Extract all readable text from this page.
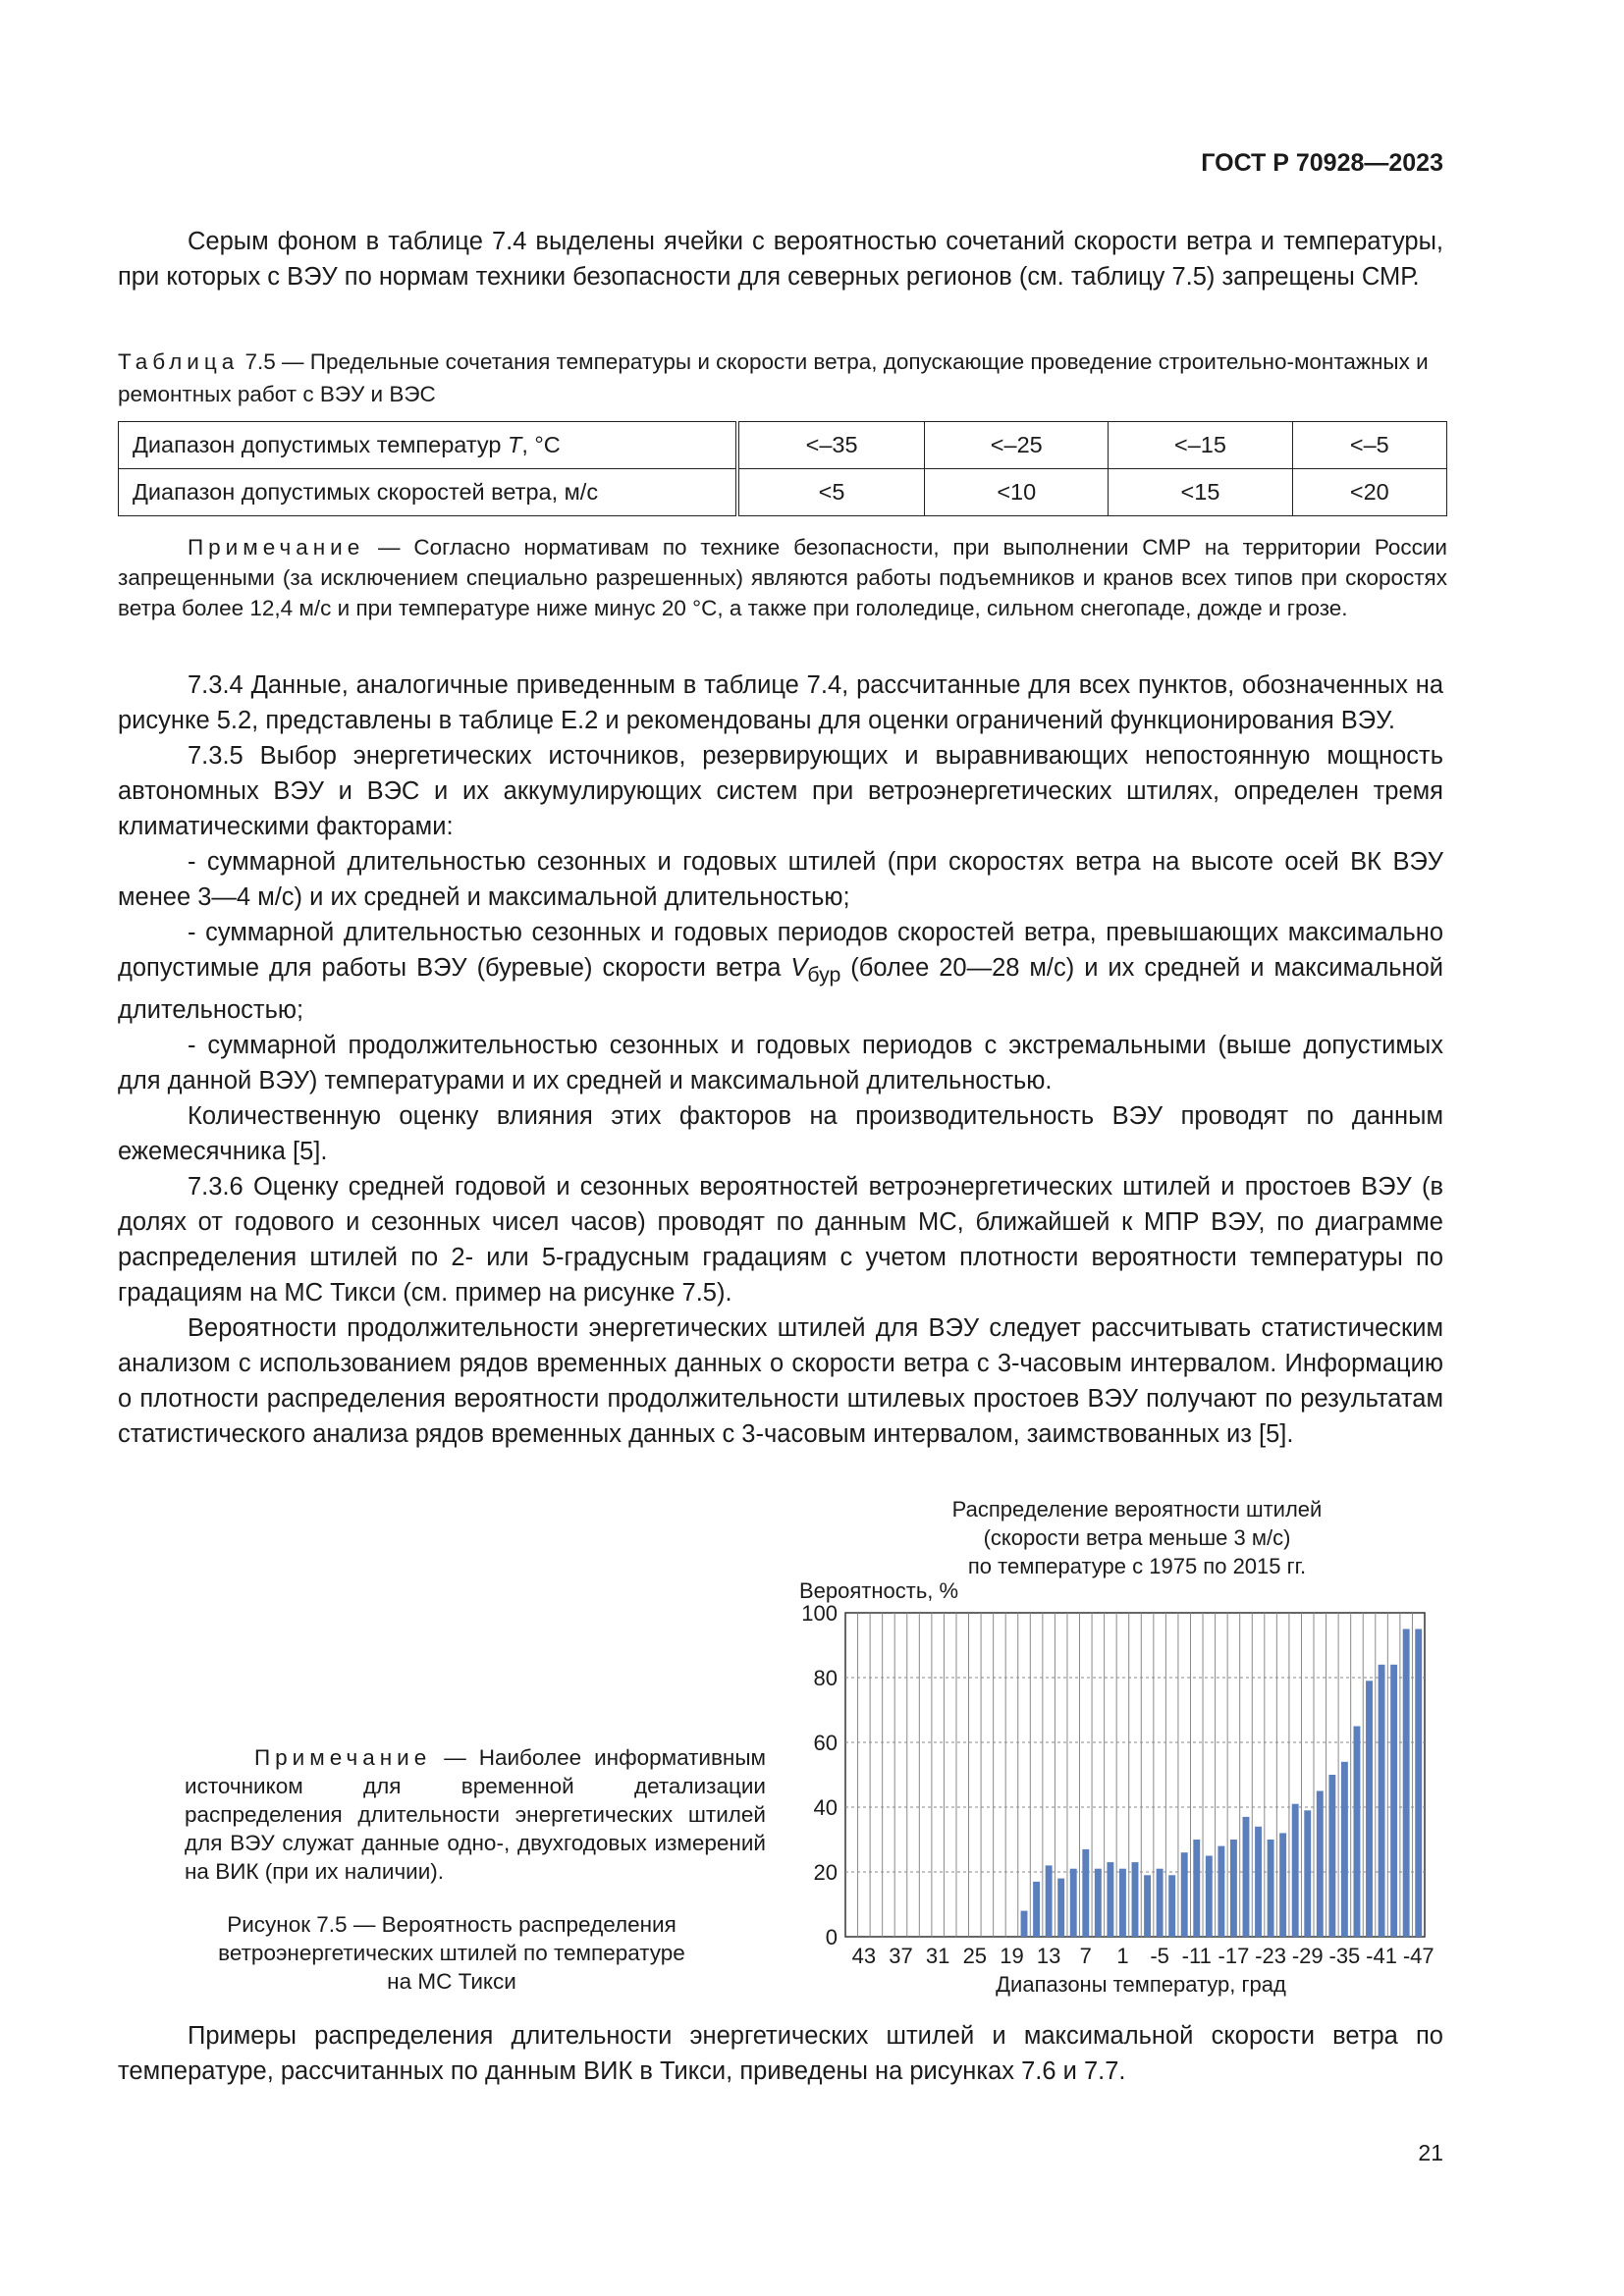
ГОСТ Р 70928—2023

Серым фоном в таблице 7.4 выделены ячейки с вероятностью сочетаний скорости ветра и температуры, при которых с ВЭУ по нормам техники безопасности для северных регионов (см. таблицу 7.5) запрещены СМР.

Таблица 7.5 — Предельные сочетания температуры и скорости ветра, допускающие проведение строительно-монтажных и ремонтных работ с ВЭУ и ВЭС
Диапазон допустимых температур T, °С	<–35	<–25	<–15	<–5
Диапазон допустимых скоростей ветра, м/с	<5	<10	<15	<20

Примечание — Согласно нормативам по технике безопасности, при выполнении СМР на территории России запрещенными (за исключением специально разрешенных) являются работы подъемников и кранов всех типов при скоростях ветра более 12,4 м/с и при температуре ниже минус 20 °С, а также при гололедице, сильном снегопаде, дожде и грозе.

7.3.4 Данные, аналогичные приведенным в таблице 7.4, рассчитанные для всех пунктов, обозначенных на рисунке 5.2, представлены в таблице Е.2 и рекомендованы для оценки ограничений функционирования ВЭУ.

7.3.5 Выбор энергетических источников, резервирующих и выравнивающих непостоянную мощность автономных ВЭУ и ВЭС и их аккумулирующих систем при ветроэнергетических штилях, определен тремя климатическими факторами:

- суммарной длительностью сезонных и годовых штилей (при скоростях ветра на высоте осей ВК ВЭУ менее 3—4 м/с) и их средней и максимальной длительностью;

- суммарной длительностью сезонных и годовых периодов скоростей ветра, превышающих максимально допустимые для работы ВЭУ (буревые) скорости ветра $V_{бур}$ (более 20—28 м/с) и их средней и максимальной длительностью;

- суммарной продолжительностью сезонных и годовых периодов с экстремальными (выше допустимых для данной ВЭУ) температурами и их средней и максимальной длительностью.

Количественную оценку влияния этих факторов на производительность ВЭУ проводят по данным ежемесячника [5].

7.3.6 Оценку средней годовой и сезонных вероятностей ветроэнергетических штилей и простоев ВЭУ (в долях от годового и сезонных чисел часов) проводят по данным МС, ближайшей к МПР ВЭУ, по диаграмме распределения штилей по 2- или 5-градусным градациям с учетом плотности вероятности температуры по градациям на МС Тикси (см. пример на рисунке 7.5).

Вероятности продолжительности энергетических штилей для ВЭУ следует рассчитывать статистическим анализом с использованием рядов временных данных о скорости ветра с 3-часовым интервалом. Информацию о плотности распределения вероятности продолжительности штилевых простоев ВЭУ получают по результатам статистического анализа рядов временных данных с 3-часовым интервалом, заимствованных из [5].

Примечание — Наиболее информативным источником для временной детализации распределения длительности энергетических штилей для ВЭУ служат данные одно-, двухгодовых измерений на ВИК (при их наличии).

Рисунок 7.5 — Вероятность распределения
ветроэнергетических штилей по температуре
на МС Тикси
0
20
40
60
80
100
43 37 31 25 19 13 7 1 -5 -11 -17 -23 -29 -35 -41 -47
Распределение вероятности штилей
(скорости ветра меньше 3 м/с)
по температуре с 1975 по 2015 гг.
Вероятность, %
Диапазоны температур, град

Примеры распределения длительности энергетических штилей и максимальной скорости ветра по температуре, рассчитанных по данным ВИК в Тикси, приведены на рисунках 7.6 и 7.7.

21
